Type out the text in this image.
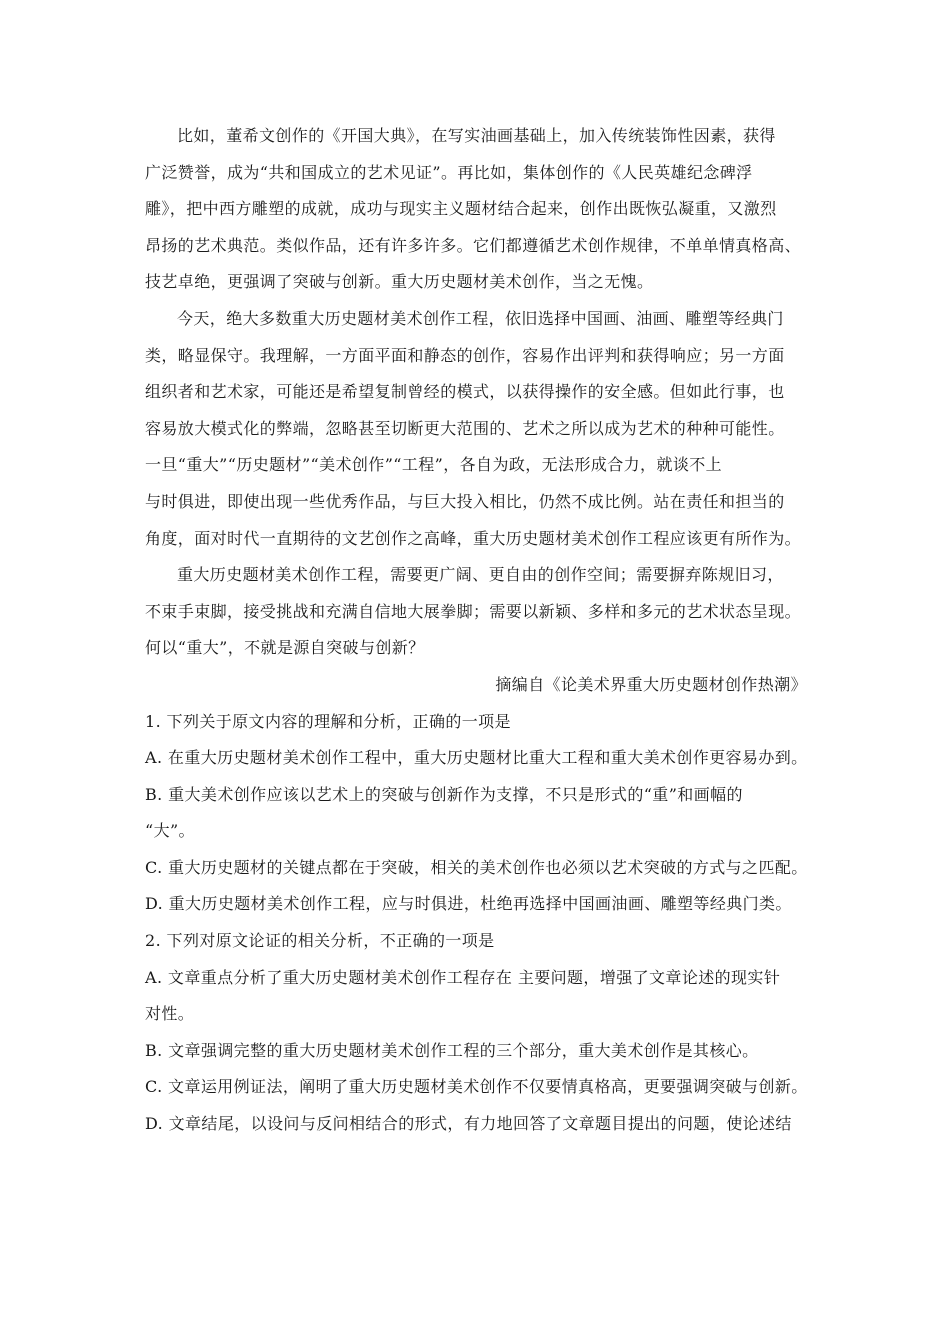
比如，董希文创作的《开国大典》，在写实油画基础上，加入传统装饰性因素，获得
广泛赞誉，成为“共和国成立的艺术见证”。再比如，集体创作的《人民英雄纪念碑浮
雕》，把中西方雕塑的成就，成功与现实主义题材结合起来，创作出既恢弘凝重，又激烈
昂扬的艺术典范。类似作品，还有许多许多。它们都遵循艺术创作规律，不单单情真格高、
技艺卓绝，更强调了突破与创新。重大历史题材美术创作，当之无愧。
今天，绝大多数重大历史题材美术创作工程，依旧选择中国画、油画、雕塑等经典门
类，略显保守。我理解，一方面平面和静态的创作，容易作出评判和获得响应；另一方面
组织者和艺术家，可能还是希望复制曾经的模式，以获得操作的安全感。但如此行事，也
容易放大模式化的弊端，忽略甚至切断更大范围的、艺术之所以成为艺术的种种可能性。
一旦“重大”“历史题材”“美术创作”“工程”，各自为政，无法形成合力，就谈不上
与时俱进，即使出现一些优秀作品，与巨大投入相比，仍然不成比例。站在责任和担当的
角度，面对时代一直期待的文艺创作之高峰，重大历史题材美术创作工程应该更有所作为。
重大历史题材美术创作工程，需要更广阔、更自由的创作空间；需要摒弃陈规旧习，
不束手束脚，接受挑战和充满自信地大展拳脚；需要以新颖、多样和多元的艺术状态呈现。
何以“重大”，不就是源自突破与创新？
摘编自《论美术界重大历史题材创作热潮》
1. 下列关于原文内容的理解和分析，正确的一项是
A. 在重大历史题材美术创作工程中，重大历史题材比重大工程和重大美术创作更容易办到。
B. 重大美术创作应该以艺术上的突破与创新作为支撑，不只是形式的“重”和画幅的
“大”。
C. 重大历史题材的关键点都在于突破，相关的美术创作也必须以艺术突破的方式与之匹配。
D. 重大历史题材美术创作工程，应与时俱进，杜绝再选择中国画油画、雕塑等经典门类。
2. 下列对原文论证的相关分析，不正确的一项是
A. 文章重点分析了重大历史题材美术创作工程存在 主要问题，增强了文章论述的现实针
对性。
B. 文章强调完整的重大历史题材美术创作工程的三个部分，重大美术创作是其核心。
C. 文章运用例证法，阐明了重大历史题材美术创作不仅要情真格高，更要强调突破与创新。
D. 文章结尾，以设问与反问相结合的形式，有力地回答了文章题目提出的问题，使论述结
